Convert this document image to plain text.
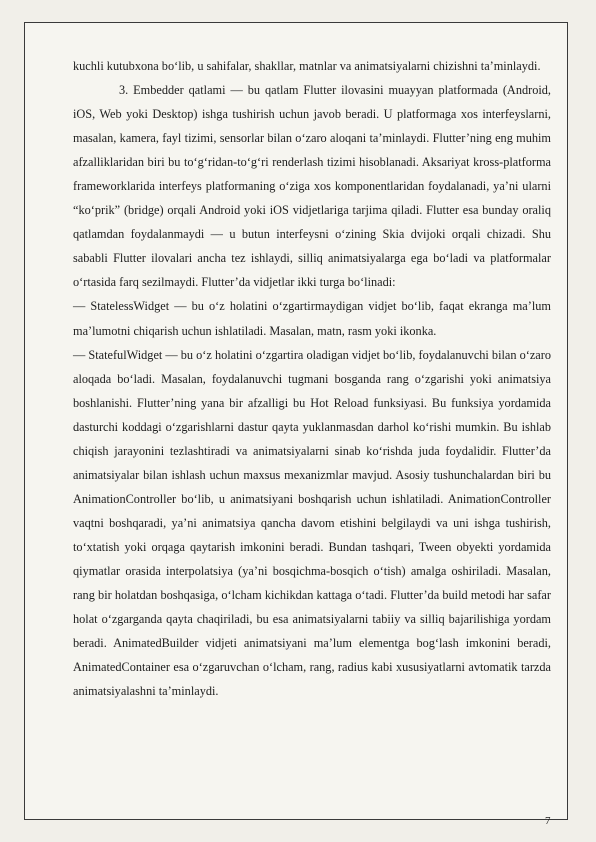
kuchli kutubxona bo‘lib, u sahifalar, shakllar, matnlar va animatsiyalarni chizishni ta’minlaydi.

3. Embedder qatlami — bu qatlam Flutter ilovasini muayyan platformada (Android, iOS, Web yoki Desktop) ishga tushirish uchun javob beradi. U platformaga xos interfeyslarni, masalan, kamera, fayl tizimi, sensorlar bilan o‘zaro aloqani ta’minlaydi. Flutter’ning eng muhim afzalliklaridan biri bu to‘g‘ridan-to‘g‘ri renderlash tizimi hisoblanadi. Aksariyat kross-platforma frameworklarida interfeys platformaning o‘ziga xos komponentlaridan foydalanadi, ya’ni ularni “ko‘prik” (bridge) orqali Android yoki iOS vidjetlariga tarjima qiladi. Flutter esa bunday oraliq qatlamdan foydalanmaydi — u butun interfeysni o‘zining Skia dvijoki orqali chizadi. Shu sababli Flutter ilovalari ancha tez ishlaydi, silliq animatsiyalarga ega bo‘ladi va platformalar o‘rtasida farq sezilmaydi. Flutter’da vidjetlar ikki turga bo‘linadi:

— StatelessWidget — bu o‘z holatini o‘zgartirmaydigan vidjet bo‘lib, faqat ekranga ma’lum ma’lumotni chiqarish uchun ishlatiladi. Masalan, matn, rasm yoki ikonka.

— StatefulWidget — bu o‘z holatini o‘zgartira oladigan vidjet bo‘lib, foydalanuvchi bilan o‘zaro aloqada bo‘ladi. Masalan, foydalanuvchi tugmani bosganda rang o‘zgarishi yoki animatsiya boshlanishi. Flutter’ning yana bir afzalligi bu Hot Reload funksiyasi. Bu funksiya yordamida dasturchi koddagi o‘zgarishlarni dastur qayta yuklanmasdan darhol ko‘rishi mumkin. Bu ishlab chiqish jarayonini tezlashtiradi va animatsiyalarni sinab ko‘rishda juda foydalidir. Flutter’da animatsiyalar bilan ishlash uchun maxsus mexanizmlar mavjud. Asosiy tushunchalardan biri bu AnimationController bo‘lib, u animatsiyani boshqarish uchun ishlatiladi. AnimationController vaqtni boshqaradi, ya’ni animatsiya qancha davom etishini belgilaydi va uni ishga tushirish, to‘xtatish yoki orqaga qaytarish imkonini beradi. Bundan tashqari, Tween obyekti yordamida qiymatlar orasida interpolatsiya (ya’ni bosqichma-bosqich o‘tish) amalga oshiriladi. Masalan, rang bir holatdan boshqasiga, o‘lcham kichikdan kattaga o‘tadi. Flutter’da build metodi har safar holat o‘zgarganda qayta chaqiriladi, bu esa animatsiyalarni tabiiy va silliq bajarilishiga yordam beradi. AnimatedBuilder vidjeti animatsiyani ma’lum elementga bog‘lash imkonini beradi, AnimatedContainer esa o‘zgaruvchan o‘lcham, rang, radius kabi xususiyatlarni avtomatik tarzda animatsiyalashni ta’minlaydi.

7
